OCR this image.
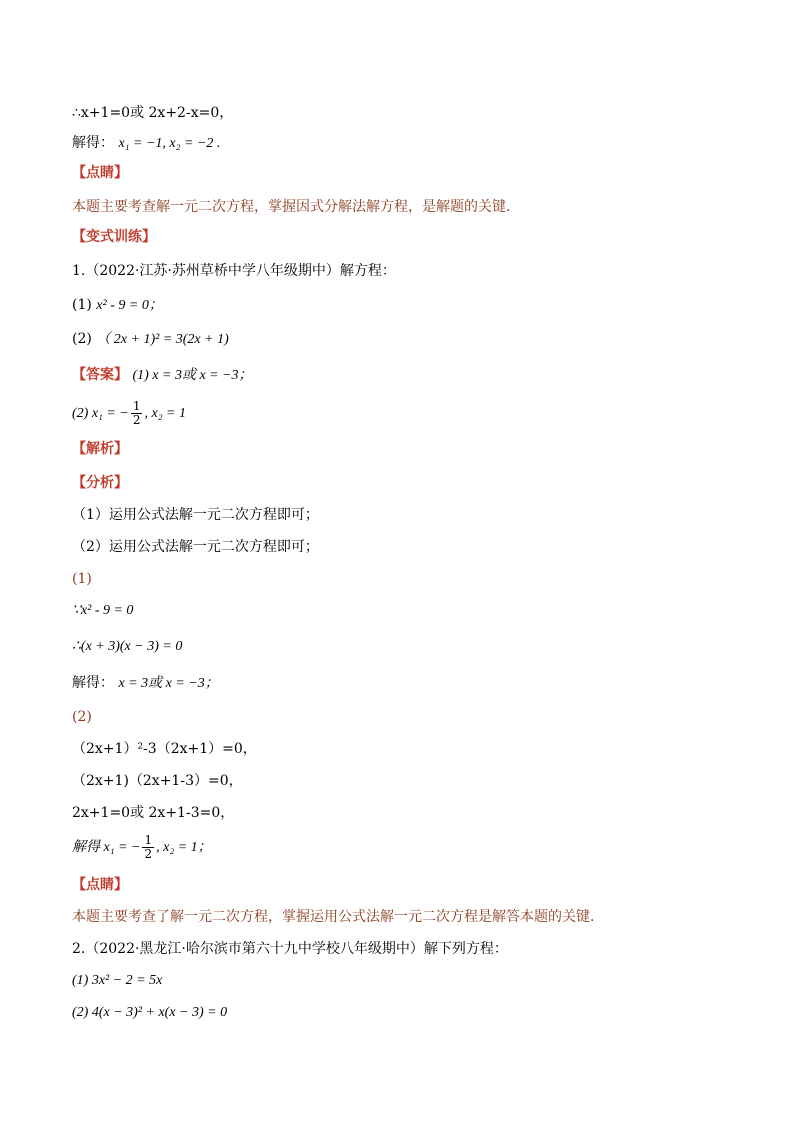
∴x+1=0或 2x+2-x=0，
解得： x₁ = −1, x₂ = −2 .
【点睛】
本题主要考查解一元二次方程，掌握因式分解法解方程，是解题的关键．
【变式训练】
1.（2022·江苏·苏州草桥中学八年级期中）解方程：
(1) x² - 9 = 0；
(2) （ 2x + 1)² = 3(2x + 1)
【答案】 (1) x = 3或 x = −3；
(2) x₁ = − $\frac{1}{2}$ , x₂ = 1
【解析】
【分析】
（1）运用公式法解一元二次方程即可；
（2）运用公式法解一元二次方程即可；
(1)
∵x² - 9 = 0
∴(x + 3)(x − 3) = 0
解得： x = 3或 x = −3；
(2)
（2x+1）²-3（2x+1）=0，
（2x+1)（2x+1-3）=0，
2x+1=0或 2x+1-3=0，
解得 x₁ = − $\frac{1}{2}$ , x₂ = 1；
【点睛】
本题主要考查了解一元二次方程，掌握运用公式法解一元二次方程是解答本题的关键．
2.（2022·黑龙江·哈尔滨市第六十九中学校八年级期中）解下列方程：
(1) 3x² − 2 = 5x
(2) 4(x − 3)² + x(x − 3) = 0
